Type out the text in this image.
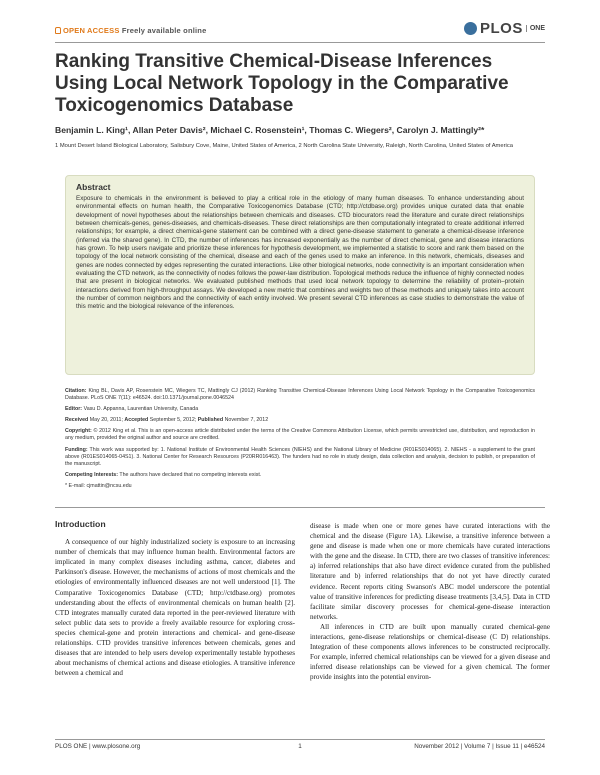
OPEN ACCESS Freely available online	PLOS	ONE
Ranking Transitive Chemical-Disease Inferences Using Local Network Topology in the Comparative Toxicogenomics Database
Benjamin L. King¹, Allan Peter Davis², Michael C. Rosenstein¹, Thomas C. Wiegers², Carolyn J. Mattingly²*
1 Mount Desert Island Biological Laboratory, Salisbury Cove, Maine, United States of America, 2 North Carolina State University, Raleigh, North Carolina, United States of America
Abstract
Exposure to chemicals in the environment is believed to play a critical role in the etiology of many human diseases. To enhance understanding about environmental effects on human health, the Comparative Toxicogenomics Database (CTD; http://ctdbase.org) provides unique curated data that enable development of novel hypotheses about the relationships between chemicals and diseases. CTD biocurators read the literature and curate direct relationships between chemicals-genes, genes-diseases, and chemicals-diseases. These direct relationships are then computationally integrated to create additional inferred relationships; for example, a direct chemical-gene statement can be combined with a direct gene-disease statement to generate a chemical-disease inference (inferred via the shared gene). In CTD, the number of inferences has increased exponentially as the number of direct chemical, gene and disease interactions has grown. To help users navigate and prioritize these inferences for hypothesis development, we implemented a statistic to score and rank them based on the topology of the local network consisting of the chemical, disease and each of the genes used to make an inference. In this network, chemicals, diseases and genes are nodes connected by edges representing the curated interactions. Like other biological networks, node connectivity is an important consideration when evaluating the CTD network, as the connectivity of nodes follows the power-law distribution. Topological methods reduce the influence of highly connected nodes that are present in biological networks. We evaluated published methods that used local network topology to determine the reliability of protein–protein interactions derived from high-throughput assays. We developed a new metric that combines and weights two of these methods and uniquely takes into account the number of common neighbors and the connectivity of each entity involved. We present several CTD inferences as case studies to demonstrate the value of this metric and the biological relevance of the inferences.
Citation: King BL, Davis AP, Rosenstein MC, Wiegers TC, Mattingly CJ (2012) Ranking Transitive Chemical-Disease Inferences Using Local Network Topology in the Comparative Toxicogenomics Database. PLoS ONE 7(11): e46524. doi:10.1371/journal.pone.0046524
Editor: Vasu D. Appanna, Laurentian University, Canada
Received May 20, 2011; Accepted September 5, 2012; Published November 7, 2012
Copyright: © 2012 King et al. This is an open-access article distributed under the terms of the Creative Commons Attribution License, which permits unrestricted use, distribution, and reproduction in any medium, provided the original author and source are credited.
Funding: This work was supported by: 1. National Institute of Environmental Health Sciences (NIEHS) and the National Library of Medicine (R01ES014065). 2. NIEHS - a supplement to the grant above (R01ES014065-04S1). 3. National Center for Research Resources (P20RR016463). The funders had no role in study design, data collection and analysis, decision to publish, or preparation of the manuscript.
Competing Interests: The authors have declared that no competing interests exist.
* E-mail: cjmattin@ncsu.edu
Introduction

A consequence of our highly industrialized society is exposure to an increasing number of chemicals that may influence human health. Environmental factors are implicated in many complex diseases including asthma, cancer, diabetes and Parkinson's disease. However, the mechanisms of actions of most chemicals and the etiologies of environmentally influenced diseases are not well understood [1]. The Comparative Toxicogenomics Database (CTD; http://ctdbase.org) promotes understanding about the effects of environmental chemicals on human health [2]. CTD integrates manually curated data reported in the peer-reviewed literature with select public data sets to provide a freely available resource for exploring cross-species chemical-gene and protein interactions and chemical- and gene-disease relationships. CTD provides transitive inferences between chemicals, genes and diseases that are intended to help users develop experimentally testable hypotheses about mechanisms of chemical actions and disease etiologies. A transitive inference between a chemical and

disease is made when one or more genes have curated interactions with the chemical and the disease (Figure 1A). Likewise, a transitive inference between a gene and disease is made when one or more chemicals have curated interactions with the gene and the disease. In CTD, there are two classes of transitive inferences: a) inferred relationships that also have direct evidence curated from the published literature and b) inferred relationships that do not yet have directly curated evidence. Recent reports citing Swanson's ABC model underscore the potential value of transitive inferences for predicting disease treatments [3,4,5]. Data in CTD facilitate similar discovery processes for chemical-gene-disease interaction networks.

All inferences in CTD are built upon manually curated chemical-gene interactions, gene-disease relationships or chemical-disease (C D) relationships. Integration of these components allows inferences to be constructed reciprocally. For example, inferred chemical relationships can be viewed for a given disease and inferred disease relationships can be viewed for a given chemical. The former provide insights into the potential environ-

PLOS ONE | www.plosone.org	1	November 2012 | Volume 7 | Issue 11 | e46524
